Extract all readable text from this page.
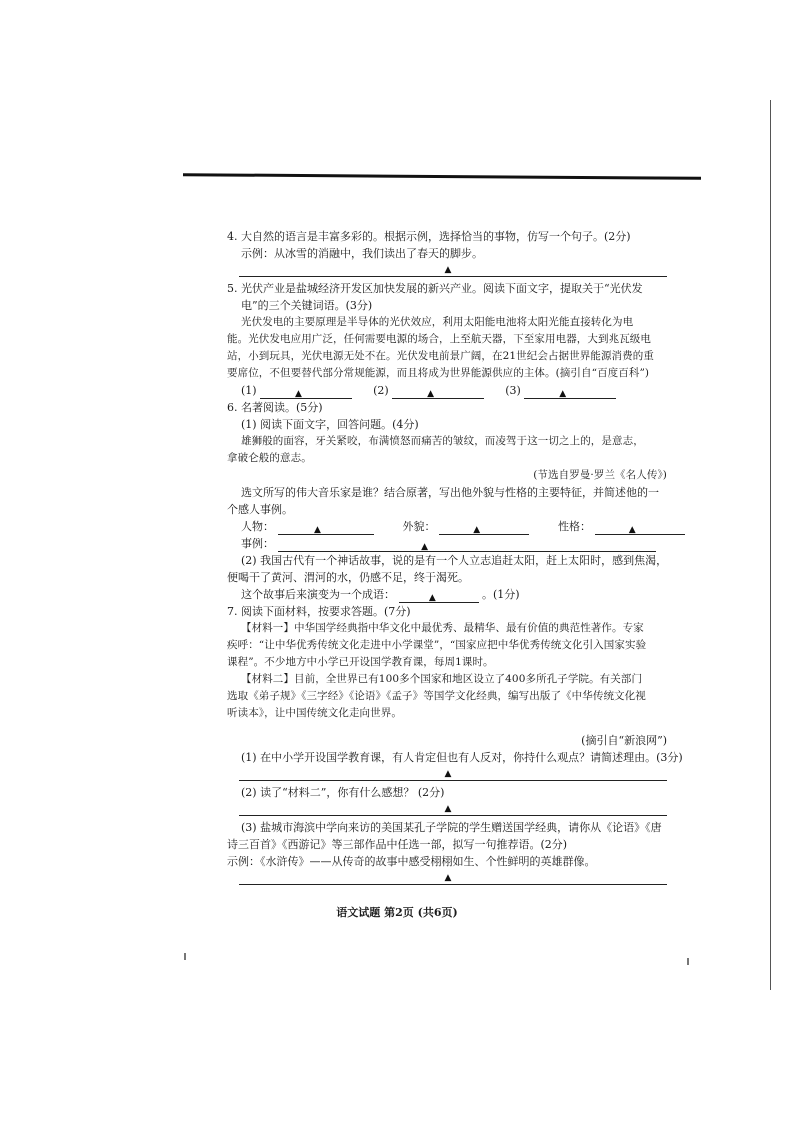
4. 大自然的语言是丰富多彩的。根据示例，选择恰当的事物，仿写一个句子。(2分)
示例：从冰雪的消融中，我们读出了春天的脚步。
▲
5. 光伏产业是盐城经济开发区加快发展的新兴产业。阅读下面文字，提取关于“光伏发
电”的三个关键词语。(3分)
光伏发电的主要原理是半导体的光伏效应，利用太阳能电池将太阳光能直接转化为电
能。光伏发电应用广泛，任何需要电源的场合，上至航天器，下至家用电器，大到兆瓦级电
站，小到玩具，光伏电源无处不在。光伏发电前景广阔，在21世纪会占据世界能源消费的重
要席位，不但要替代部分常规能源，而且将成为世界能源供应的主体。(摘引自“百度百科”)
(1)	▲	(2)	▲	(3)	▲
6. 名著阅读。(5分)
(1) 阅读下面文字，回答问题。(4分)
雄狮般的面容，牙关紧咬，布满愤怒而痛苦的皱纹，而凌驾于这一切之上的，是意志，
拿破仑般的意志。
(节选自罗曼·罗兰《名人传》)
选文所写的伟大音乐家是谁？结合原著，写出他外貌与性格的主要特征，并简述他的一
个感人事例。
人物：	▲	外貌：	▲	性格：	▲
事例：	▲
(2) 我国古代有一个神话故事，说的是有一个人立志追赶太阳，赶上太阳时，感到焦渴，
便喝干了黄河、渭河的水，仍感不足，终于渴死。
这个故事后来演变为一个成语：	▲	。(1分)
7. 阅读下面材料，按要求答题。(7分)
【材料一】中华国学经典指中华文化中最优秀、最精华、最有价值的典范性著作。专家
疾呼：“让中华优秀传统文化走进中小学课堂”，“国家应把中华优秀传统文化引入国家实验
课程”。不少地方中小学已开设国学教育课，每周1课时。
【材料二】目前，全世界已有100多个国家和地区设立了400多所孔子学院。有关部门
选取《弟子规》《三字经》《论语》《孟子》等国学文化经典，编写出版了《中华传统文化视
听读本》，让中国传统文化走向世界。
(摘引自“新浪网”)
(1) 在中小学开设国学教育课，有人肯定但也有人反对，你持什么观点？请简述理由。(3分)
▲
(2) 读了“材料二”，你有什么感想？ (2分)
▲
(3) 盐城市海滨中学向来访的美国某孔子学院的学生赠送国学经典，请你从《论语》《唐
诗三百首》《西游记》等三部作品中任选一部，拟写一句推荐语。(2分)
示例：《水浒传》——从传奇的故事中感受栩栩如生、个性鲜明的英雄群像。
▲
语文试题 第2页 (共6页)
